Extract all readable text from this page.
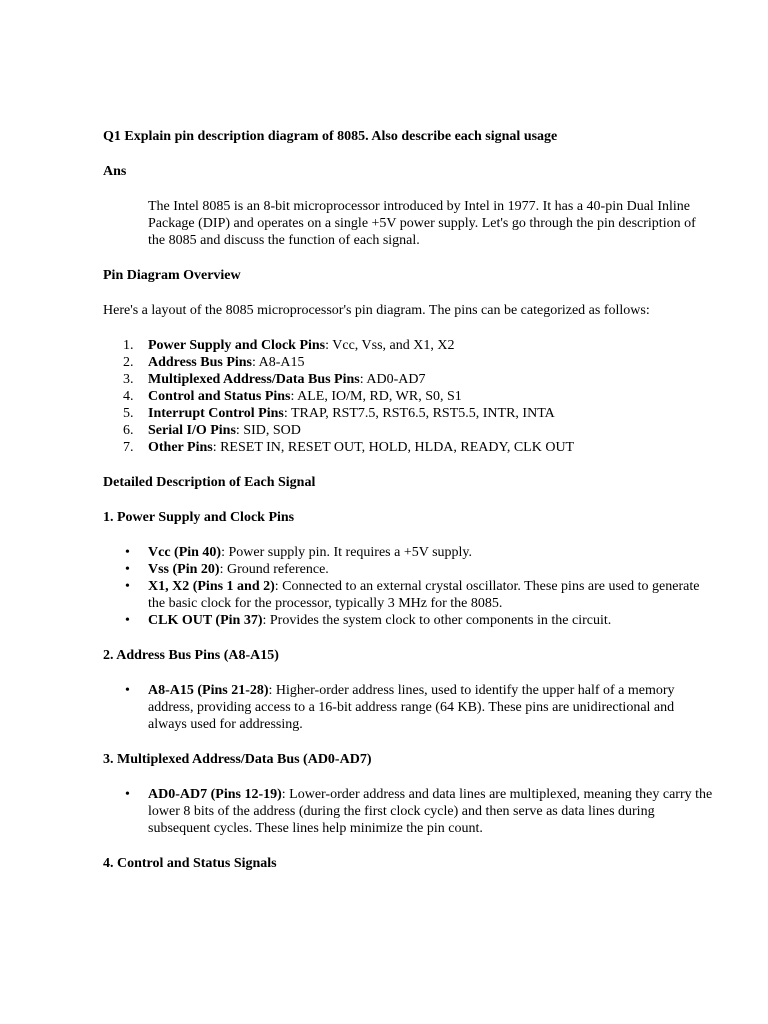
Q1 Explain pin description diagram of 8085. Also describe each signal usage

Ans

The Intel 8085 is an 8-bit microprocessor introduced by Intel in 1977. It has a 40-pin Dual Inline Package (DIP) and operates on a single +5V power supply. Let's go through the pin description of the 8085 and discuss the function of each signal.

Pin Diagram Overview

Here's a layout of the 8085 microprocessor's pin diagram. The pins can be categorized as follows:

1.	Power Supply and Clock Pins: Vcc, Vss, and X1, X2
2.	Address Bus Pins: A8-A15
3.	Multiplexed Address/Data Bus Pins: AD0-AD7
4.	Control and Status Pins: ALE, IO/M, RD, WR, S0, S1
5.	Interrupt Control Pins: TRAP, RST7.5, RST6.5, RST5.5, INTR, INTA
6.	Serial I/O Pins: SID, SOD
7.	Other Pins: RESET IN, RESET OUT, HOLD, HLDA, READY, CLK OUT
Detailed Description of Each Signal
1. Power Supply and Clock Pins
• Vcc (Pin 40): Power supply pin. It requires a +5V supply.
• Vss (Pin 20): Ground reference.
• X1, X2 (Pins 1 and 2): Connected to an external crystal oscillator. These pins are used to generate the basic clock for the processor, typically 3 MHz for the 8085.
• CLK OUT (Pin 37): Provides the system clock to other components in the circuit.
2. Address Bus Pins (A8-A15)
• A8-A15 (Pins 21-28): Higher-order address lines, used to identify the upper half of a memory address, providing access to a 16-bit address range (64 KB). These pins are unidirectional and always used for addressing.
3. Multiplexed Address/Data Bus (AD0-AD7)
• AD0-AD7 (Pins 12-19): Lower-order address and data lines are multiplexed, meaning they carry the lower 8 bits of the address (during the first clock cycle) and then serve as data lines during subsequent cycles. These lines help minimize the pin count.
4. Control and Status Signals
